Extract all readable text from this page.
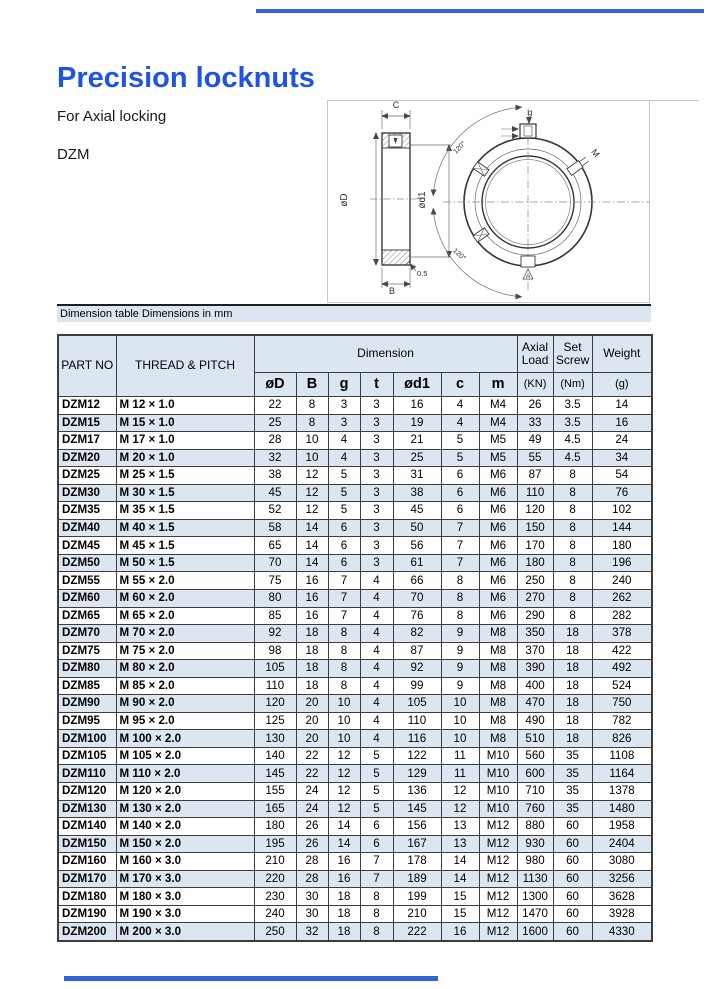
Precision locknuts
For Axial locking
DZM
C
øD	ød1
B
0.5	A
g
M
120°
120°
Dimension table Dimensions in mm
PART NO	THREAD & PITCH	Dimension							Axial Load	Set Screw	Weight
		øD	B	g	t	ød1	c	m	(KN)	(Nm)	(g)
DZM12	M 12 × 1.0	22	8	3	3	16	4	M4	26	3.5	14
DZM15	M 15 × 1.0	25	8	3	3	19	4	M4	33	3.5	16
DZM17	M 17 × 1.0	28	10	4	3	21	5	M5	49	4.5	24
DZM20	M 20 × 1.0	32	10	4	3	25	5	M5	55	4.5	34
DZM25	M 25 × 1.5	38	12	5	3	31	6	M6	87	8	54
DZM30	M 30 × 1.5	45	12	5	3	38	6	M6	110	8	76
DZM35	M 35 × 1.5	52	12	5	3	45	6	M6	120	8	102
DZM40	M 40 × 1.5	58	14	6	3	50	7	M6	150	8	144
DZM45	M 45 × 1.5	65	14	6	3	56	7	M6	170	8	180
DZM50	M 50 × 1.5	70	14	6	3	61	7	M6	180	8	196
DZM55	M 55 × 2.0	75	16	7	4	66	8	M6	250	8	240
DZM60	M 60 × 2.0	80	16	7	4	70	8	M6	270	8	262
DZM65	M 65 × 2.0	85	16	7	4	76	8	M6	290	8	282
DZM70	M 70 × 2.0	92	18	8	4	82	9	M8	350	18	378
DZM75	M 75 × 2.0	98	18	8	4	87	9	M8	370	18	422
DZM80	M 80 × 2.0	105	18	8	4	92	9	M8	390	18	492
DZM85	M 85 × 2.0	110	18	8	4	99	9	M8	400	18	524
DZM90	M 90 × 2.0	120	20	10	4	105	10	M8	470	18	750
DZM95	M 95 × 2.0	125	20	10	4	110	10	M8	490	18	782
DZM100	M 100 × 2.0	130	20	10	4	116	10	M8	510	18	826
DZM105	M 105 × 2.0	140	22	12	5	122	11	M10	560	35	1108
DZM110	M 110 × 2.0	145	22	12	5	129	11	M10	600	35	1164
DZM120	M 120 × 2.0	155	24	12	5	136	12	M10	710	35	1378
DZM130	M 130 × 2.0	165	24	12	5	145	12	M10	760	35	1480
DZM140	M 140 × 2.0	180	26	14	6	156	13	M12	880	60	1958
DZM150	M 150 × 2.0	195	26	14	6	167	13	M12	930	60	2404
DZM160	M 160 × 3.0	210	28	16	7	178	14	M12	980	60	3080
DZM170	M 170 × 3.0	220	28	16	7	189	14	M12	1130	60	3256
DZM180	M 180 × 3.0	230	30	18	8	199	15	M12	1300	60	3628
DZM190	M 190 × 3.0	240	30	18	8	210	15	M12	1470	60	3928
DZM200	M 200 × 3.0	250	32	18	8	222	16	M12	1600	60	4330
